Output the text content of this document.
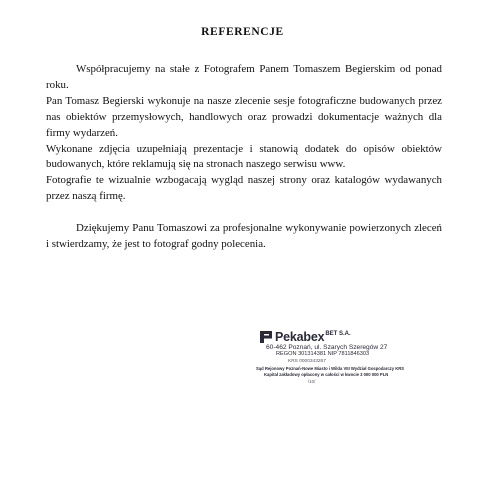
REFERENCJE

Współpracujemy na stałe z Fotografem Panem Tomaszem Begierskim od ponad roku.

Pan Tomasz Begierski wykonuje na nasze zlecenie sesje fotograficzne budowanych przez nas obiektów przemysłowych, handlowych oraz prowadzi dokumentacje ważnych dla firmy wydarzeń.

Wykonane zdjęcia uzupełniają prezentacje i stanowią dodatek do opisów obiektów budowanych, które reklamują się na stronach naszego serwisu www.

Fotografie te wizualnie wzbogacają wygląd naszej strony oraz katalogów wydawanych przez naszą firmę.

Dziękujemy Panu Tomaszowi za profesjonalne wykonywanie powierzonych zleceń i stwierdzamy, że jest to fotograf godny polecenia.

Pekabex BET S.A.
60-462 Poznań, ul. Szarych Szeregów 27
REGON 301314381 NIP 7811846303
KRS 0000343267
Sąd Rejonowy Poznań-Nowe Miasto i Wilda VIII Wydział Gospodarczy KRS
Kapitał zakładowy opłacony w całości w kwocie 3 000 000 PLN
/10/
